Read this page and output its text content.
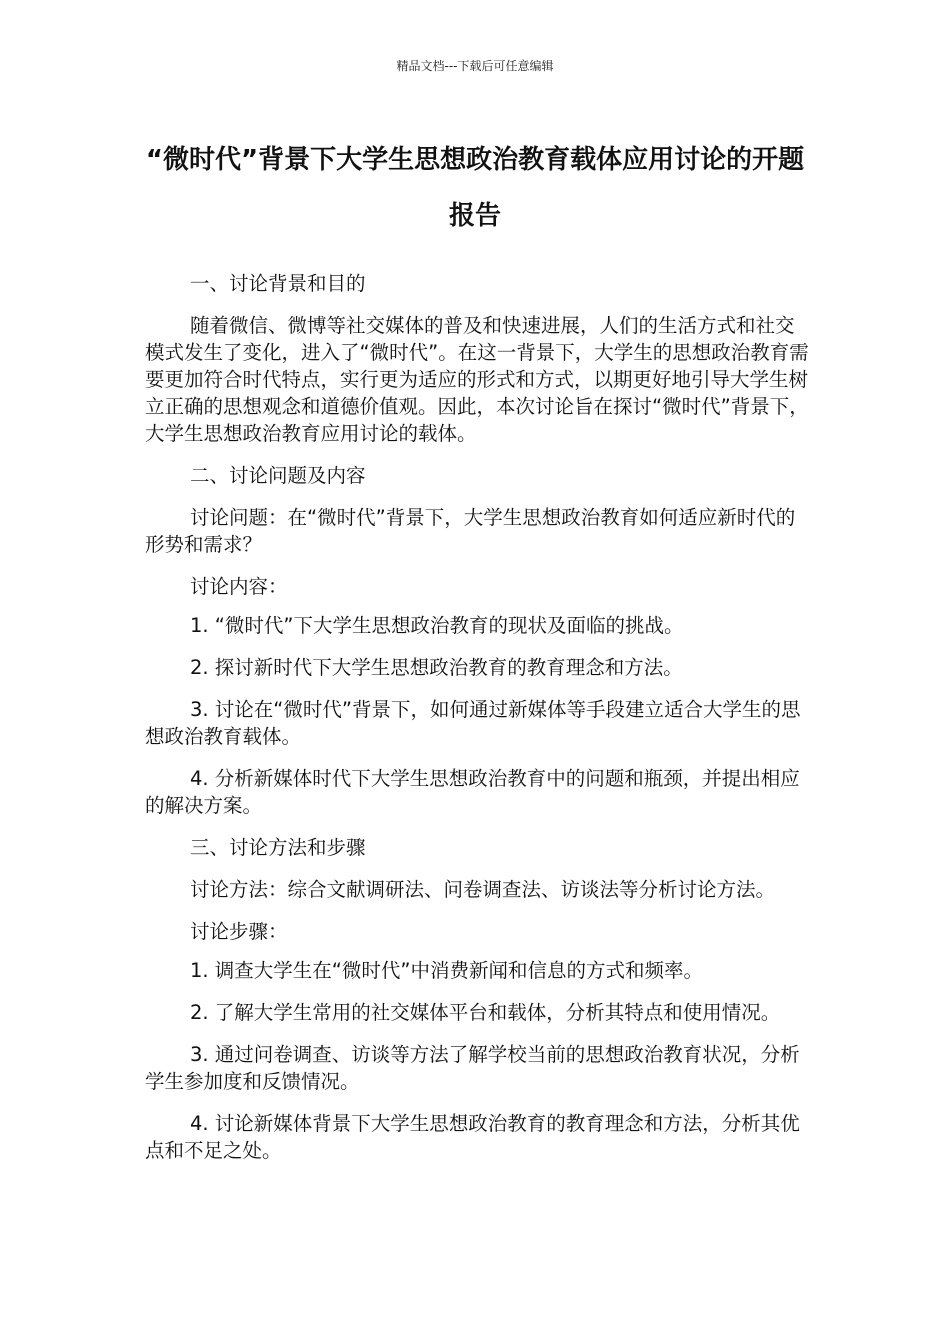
精品文档---下载后可任意编辑
“微时代”背景下大学生思想政治教育载体应用讨论的开题报告

一、讨论背景和目的

随着微信、微博等社交媒体的普及和快速进展，人们的生活方式和社交模式发生了变化，进入了“微时代”。在这一背景下，大学生的思想政治教育需要更加符合时代特点，实行更为适应的形式和方式，以期更好地引导大学生树立正确的思想观念和道德价值观。因此，本次讨论旨在探讨“微时代”背景下，大学生思想政治教育应用讨论的载体。

二、讨论问题及内容

讨论问题：在“微时代”背景下，大学生思想政治教育如何适应新时代的形势和需求？

讨论内容：

1. “微时代”下大学生思想政治教育的现状及面临的挑战。

2. 探讨新时代下大学生思想政治教育的教育理念和方法。

3. 讨论在“微时代”背景下，如何通过新媒体等手段建立适合大学生的思想政治教育载体。

4. 分析新媒体时代下大学生思想政治教育中的问题和瓶颈，并提出相应的解决方案。

三、讨论方法和步骤

讨论方法：综合文献调研法、问卷调查法、访谈法等分析讨论方法。

讨论步骤：

1. 调查大学生在“微时代”中消费新闻和信息的方式和频率。

2. 了解大学生常用的社交媒体平台和载体，分析其特点和使用情况。

3. 通过问卷调查、访谈等方法了解学校当前的思想政治教育状况，分析学生参加度和反馈情况。

4. 讨论新媒体背景下大学生思想政治教育的教育理念和方法，分析其优点和不足之处。
